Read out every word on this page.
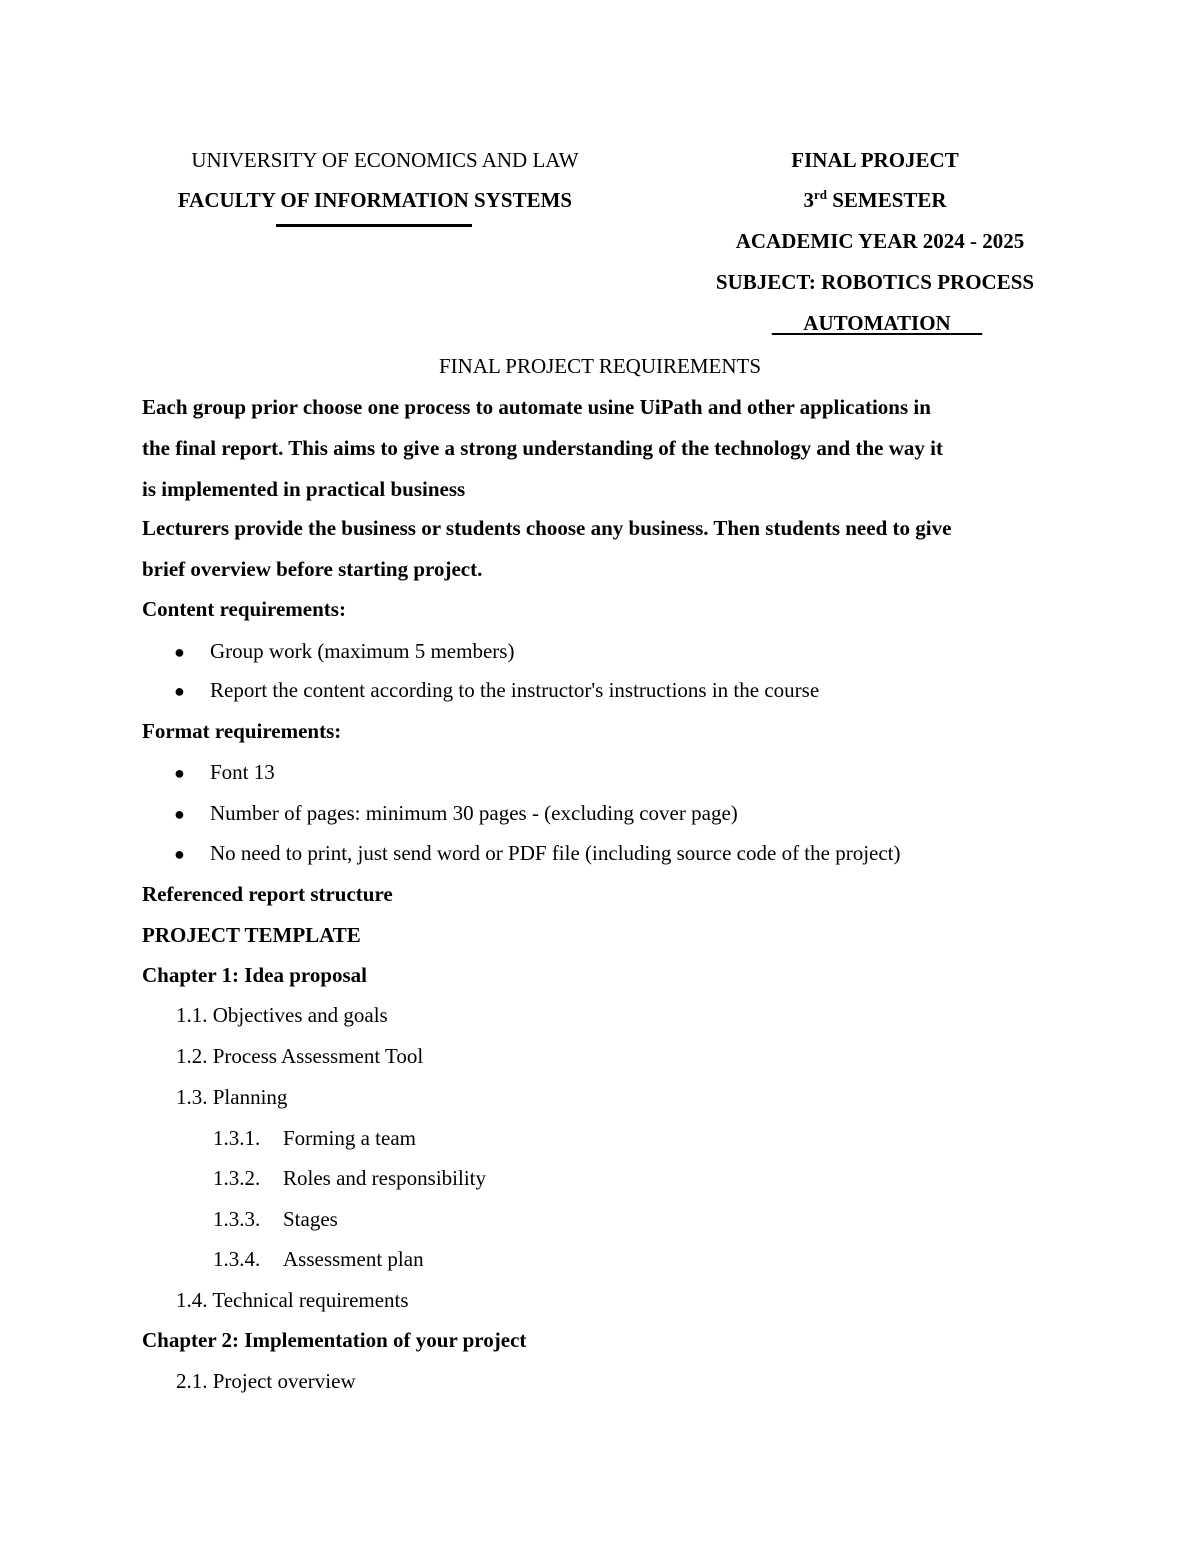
UNIVERSITY OF ECONOMICS AND LAW
FACULTY OF INFORMATION SYSTEMS
FINAL PROJECT
3rd SEMESTER
ACADEMIC YEAR 2024 - 2025
SUBJECT: ROBOTICS PROCESS
AUTOMATION
FINAL PROJECT REQUIREMENTS
Each group prior choose one process to automate usine UiPath and other applications in
the final report. This aims to give a strong understanding of the technology and the way it
is implemented in practical business
Lecturers provide the business or students choose any business. Then students need to give
brief overview before starting project.
Content requirements:
● Group work (maximum 5 members)
● Report the content according to the instructor's instructions in the course
Format requirements:
● Font 13
● Number of pages: minimum 30 pages - (excluding cover page)
● No need to print, just send word or PDF file (including source code of the project)
Referenced report structure
PROJECT TEMPLATE
Chapter 1: Idea proposal
1.1. Objectives and goals
1.2. Process Assessment Tool
1.3. Planning
1.3.1. Forming a team
1.3.2. Roles and responsibility
1.3.3. Stages
1.3.4. Assessment plan
1.4. Technical requirements
Chapter 2: Implementation of your project
2.1. Project overview
